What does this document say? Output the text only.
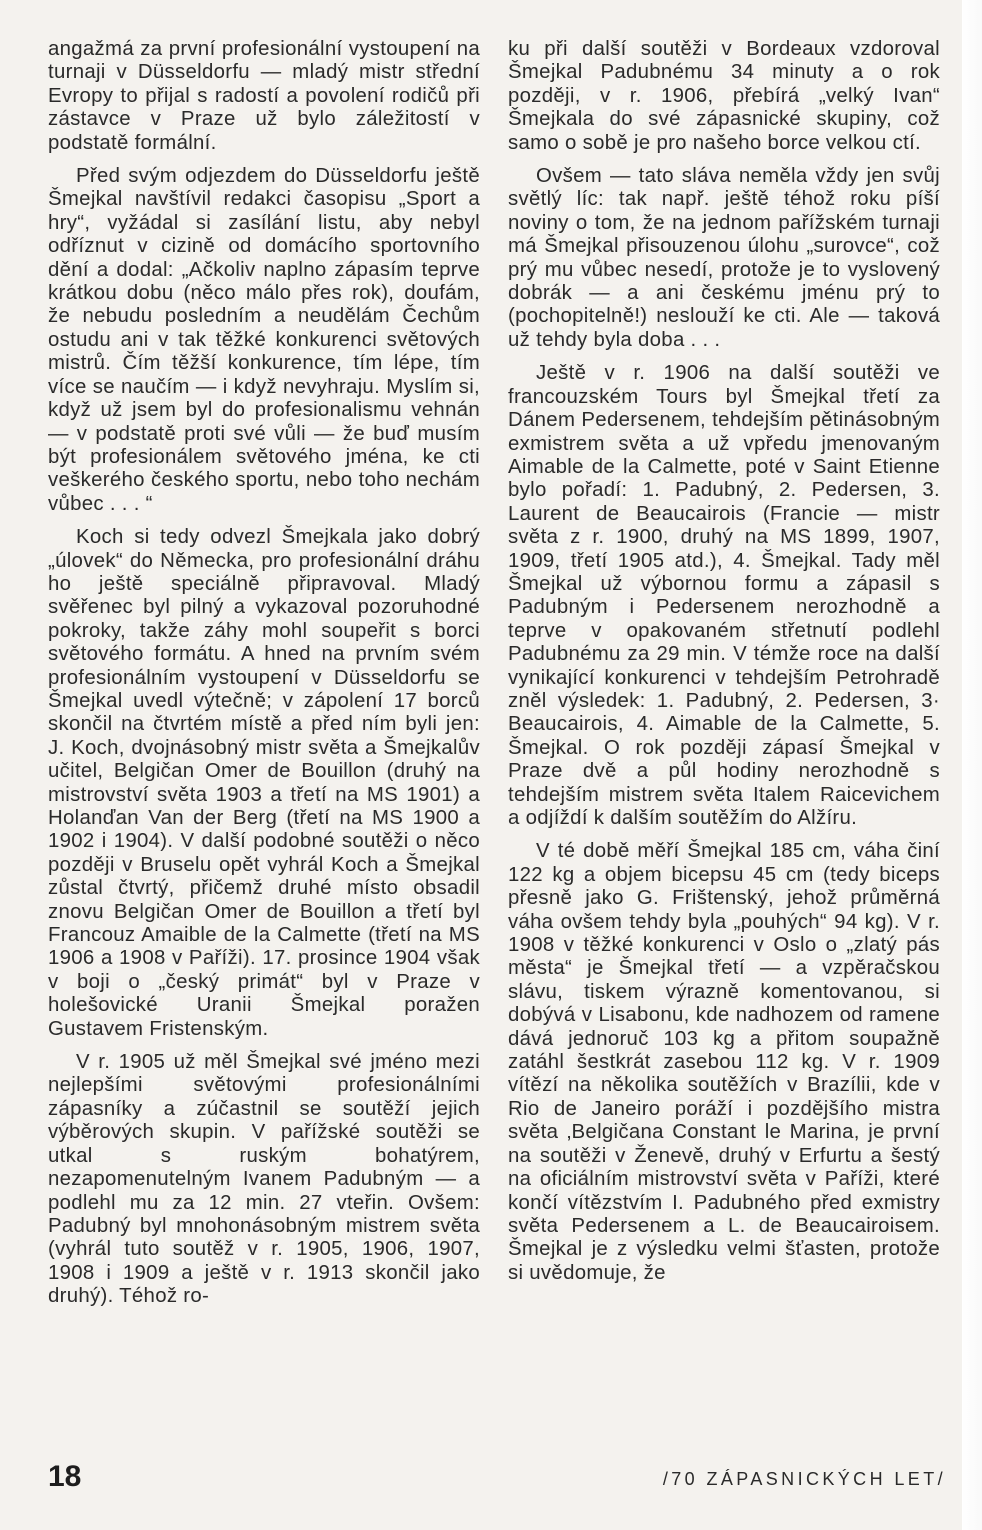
angažmá za první profesionální vystoupení na turnaji v Düsseldorfu — mladý mistr střední Evropy to přijal s radostí a povolení rodičů při zástavce v Praze už bylo záležitostí v podstatě formální.

Před svým odjezdem do Düsseldorfu ještě Šmejkal navštívil redakci časopisu „Sport a hry“, vyžádal si zasílání listu, aby nebyl odříznut v cizině od domácího sportovního dění a dodal: „Ačkoliv naplno zápasím teprve krátkou dobu (něco málo přes rok), doufám, že nebudu posledním a neudělám Čechům ostudu ani v tak těžké konkurenci světových mistrů. Čím těžší konkurence, tím lépe, tím více se naučím — i když nevyhraju. Myslím si, když už jsem byl do profesionalismu vehnán — v podstatě proti své vůli — že buď musím být profesionálem světového jména, ke cti veškerého českého sportu, nebo toho nechám vůbec . . . “

Koch si tedy odvezl Šmejkala jako dobrý „úlovek“ do Německa, pro profesionální dráhu ho ještě speciálně připravoval. Mladý svěřenec byl pilný a vykazoval pozoruhodné pokroky, takže záhy mohl soupeřit s borci světového formátu. A hned na prvním svém profesionálním vystoupení v Düsseldorfu se Šmejkal uvedl výtečně; v zápolení 17 borců skončil na čtvrtém místě a před ním byli jen: J. Koch, dvojnásobný mistr světa a Šmejkalův učitel, Belgičan Omer de Bouillon (druhý na mistrovství světa 1903 a třetí na MS 1901) a Holanďan Van der Berg (třetí na MS 1900 a 1902 i 1904). V další podobné soutěži o něco později v Bruselu opět vyhrál Koch a Šmejkal zůstal čtvrtý, přičemž druhé místo obsadil znovu Belgičan Omer de Bouillon a třetí byl Francouz Amaible de la Calmette (třetí na MS 1906 a 1908 v Paříži). 17. prosince 1904 však v boji o „český primát“ byl v Praze v holešovické Uranii Šmejkal poražen Gustavem Fristenským.

V r. 1905 už měl Šmejkal své jméno mezi nejlepšími světovými profesionálními zápasníky a zúčastnil se soutěží jejich výběrových skupin. V pařížské soutěži se utkal s ruským bohatýrem, nezapomenutelným Ivanem Padubným — a podlehl mu za 12 min. 27 vteřin. Ovšem: Padubný byl mnohonásobným mistrem světa (vyhrál tuto soutěž v r. 1905, 1906, 1907, 1908 i 1909 a ještě v r. 1913 skončil jako druhý). Téhož ro-

ku při další soutěži v Bordeaux vzdoroval Šmejkal Padubnému 34 minuty a o rok později, v r. 1906, přebírá „velký Ivan“ Šmejkala do své zápasnické skupiny, což samo o sobě je pro našeho borce velkou ctí.

Ovšem — tato sláva neměla vždy jen svůj světlý líc: tak např. ještě téhož roku píší noviny o tom, že na jednom pařížském turnaji má Šmejkal přisouzenou úlohu „surovce“, což prý mu vůbec nesedí, protože je to vyslovený dobrák — a ani českému jménu prý to (pochopitelně!) neslouží ke cti. Ale — taková už tehdy byla doba . . .

Ještě v r. 1906 na další soutěži ve francouzském Tours byl Šmejkal třetí za Dánem Pedersenem, tehdejším pětinásobným exmistrem světa a už vpředu jmenovaným Aimable de la Calmette, poté v Saint Etienne bylo pořadí: 1. Padubný, 2. Pedersen, 3. Laurent de Beaucairois (Francie — mistr světa z r. 1900, druhý na MS 1899, 1907, 1909, třetí 1905 atd.), 4. Šmejkal. Tady měl Šmejkal už výbornou formu a zápasil s Padubným i Pedersenem nerozhodně a teprve v opakovaném střetnutí podlehl Padubnému za 29 min. V témže roce na další vynikající konkurenci v tehdejším Petrohradě zněl výsledek: 1. Padubný, 2. Pedersen, 3· Beaucairois, 4. Aimable de la Calmette, 5. Šmejkal. O rok později zápasí Šmejkal v Praze dvě a půl hodiny nerozhodně s tehdejším mistrem světa Italem Raicevichem a odjíždí k dalším soutěžím do Alžíru.

V té době měří Šmejkal 185 cm, váha činí 122 kg a objem bicepsu 45 cm (tedy biceps přesně jako G. Frištenský, jehož průměrná váha ovšem tehdy byla „pouhých“ 94 kg). V r. 1908 v těžké konkurenci v Oslo o „zlatý pás města“ je Šmejkal třetí — a vzpěračskou slávu, tiskem výrazně komentovanou, si dobývá v Lisabonu, kde nadhozem od ramene dává jednoruč 103 kg a přitom soupažně zatáhl šestkrát zasebou 112 kg. V r. 1909 vítězí na několika soutěžích v Brazílii, kde v Rio de Janeiro poráží i pozdějšího mistra světa ‚Belgičana Constant le Marina, je první na soutěži v Ženevě, druhý v Erfurtu a šestý na oficiálním mistrovství světa v Paříži, které končí vítězstvím I. Padubného před exmistry světa Pedersenem a L. de Beaucairoisem. Šmejkal je z výsledku velmi šťasten, protože si uvědomuje, že

18	/70 ZÁPASNICKÝCH LET/
